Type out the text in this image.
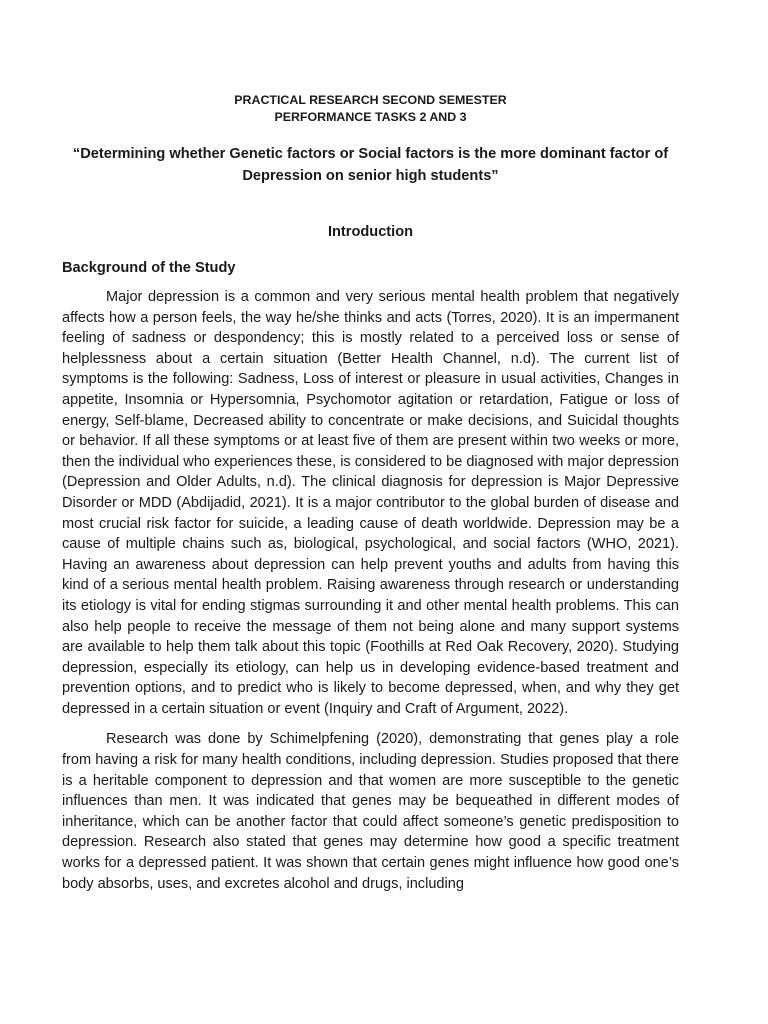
PRACTICAL RESEARCH SECOND SEMESTER

PERFORMANCE TASKS 2 AND 3

“Determining whether Genetic factors or Social factors is the more dominant factor of Depression on senior high students”

Introduction

Background of the Study

Major depression is a common and very serious mental health problem that negatively affects how a person feels, the way he/she thinks and acts (Torres, 2020). It is an impermanent feeling of sadness or despondency; this is mostly related to a perceived loss or sense of helplessness about a certain situation (Better Health Channel, n.d). The current list of symptoms is the following: Sadness, Loss of interest or pleasure in usual activities, Changes in appetite, Insomnia or Hypersomnia, Psychomotor agitation or retardation, Fatigue or loss of energy, Self-blame, Decreased ability to concentrate or make decisions, and Suicidal thoughts or behavior. If all these symptoms or at least five of them are present within two weeks or more, then the individual who experiences these, is considered to be diagnosed with major depression (Depression and Older Adults, n.d). The clinical diagnosis for depression is Major Depressive Disorder or MDD (Abdijadid, 2021). It is a major contributor to the global burden of disease and most crucial risk factor for suicide, a leading cause of death worldwide. Depression may be a cause of multiple chains such as, biological, psychological, and social factors (WHO, 2021). Having an awareness about depression can help prevent youths and adults from having this kind of a serious mental health problem. Raising awareness through research or understanding its etiology is vital for ending stigmas surrounding it and other mental health problems. This can also help people to receive the message of them not being alone and many support systems are available to help them talk about this topic (Foothills at Red Oak Recovery, 2020). Studying depression, especially its etiology, can help us in developing evidence-based treatment and prevention options, and to predict who is likely to become depressed, when, and why they get depressed in a certain situation or event (Inquiry and Craft of Argument, 2022).

Research was done by Schimelpfening (2020), demonstrating that genes play a role from having a risk for many health conditions, including depression. Studies proposed that there is a heritable component to depression and that women are more susceptible to the genetic influences than men. It was indicated that genes may be bequeathed in different modes of inheritance, which can be another factor that could affect someone’s genetic predisposition to depression. Research also stated that genes may determine how good a specific treatment works for a depressed patient. It was shown that certain genes might influence how good one’s body absorbs, uses, and excretes alcohol and drugs, including
